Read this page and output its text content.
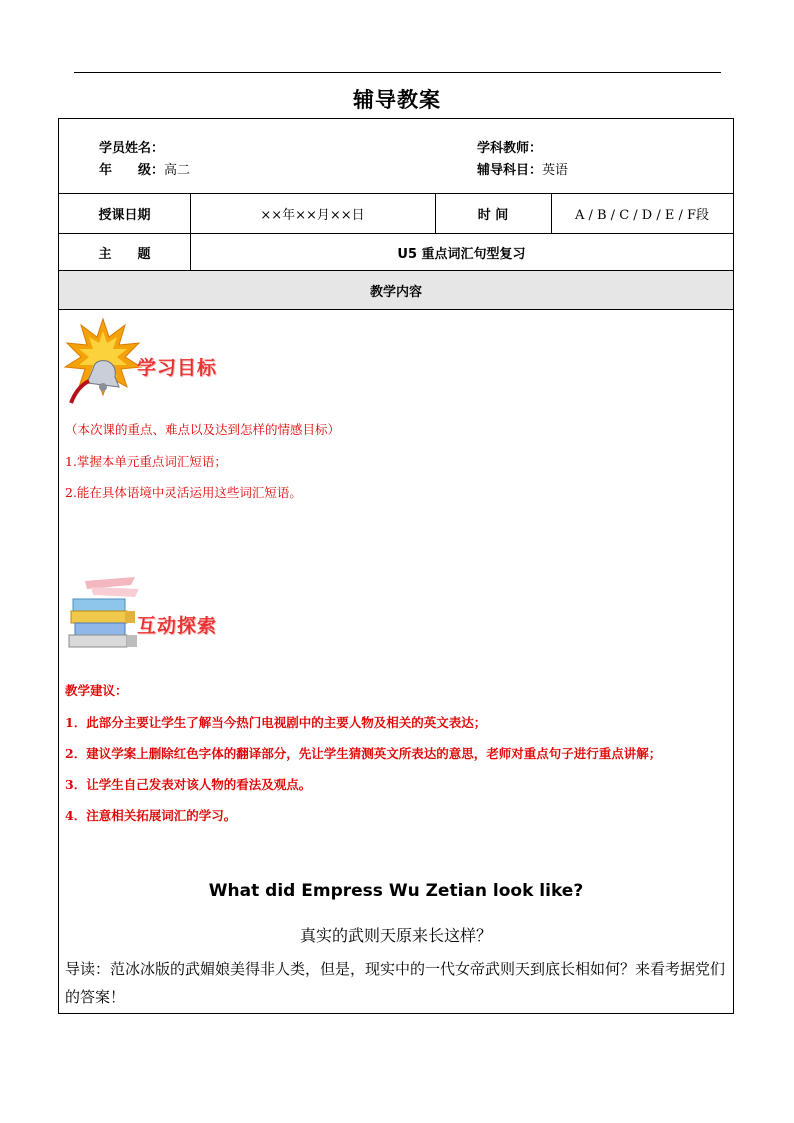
辅导教案
学员姓名：
年　　级：高二
学科教师：
辅导科目：英语
授课日期	××年××月××日	时 间	A / B / C / D / E / F段
主　　题	U5 重点词汇句型复习
教学内容
学习目标
（本次课的重点、难点以及达到怎样的情感目标）
1.掌握本单元重点词汇短语；
2.能在具体语境中灵活运用这些词汇短语。
互动探索
教学建议：
1．此部分主要让学生了解当今热门电视剧中的主要人物及相关的英文表达；
2．建议学案上删除红色字体的翻译部分，先让学生猜测英文所表达的意思，老师对重点句子进行重点讲解；
3．让学生自己发表对该人物的看法及观点。
4．注意相关拓展词汇的学习。
What did Empress Wu Zetian look like?
真实的武则天原来长这样？
导读：范冰冰版的武媚娘美得非人类，但是，现实中的一代女帝武则天到底长相如何？来看考据党们的答案！
